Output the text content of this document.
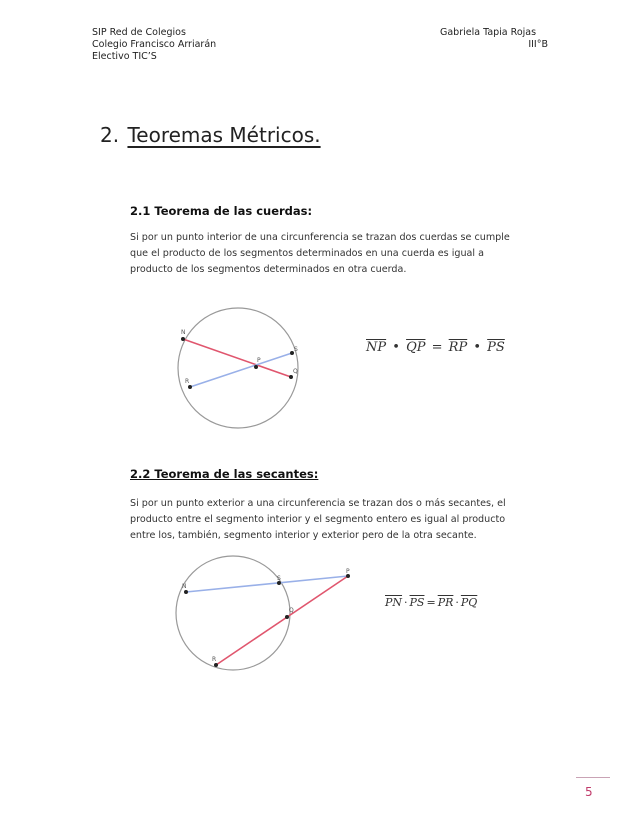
SIP Red de Colegios
Colegio Francisco Arriarán
Electivo TIC’S
Gabriela Tapia Rojas
III°B
2. Teoremas Métricos.
2.1 Teorema de las cuerdas:
Si por un punto interior de una circunferencia se trazan dos cuerdas se cumple
que el producto de los segmentos determinados en una cuerda es igual a
producto de los segmentos determinados en otra cuerda.
N
P
S
Q
R
$\overline{NP}$ • $\overline{QP} = \overline{RP}$ • $\overline{PS}$
2.2 Teorema de las secantes:
Si por un punto exterior a una circunferencia se trazan dos o más secantes, el
producto entre el segmento interior y el segmento entero es igual al producto
entre los, también, segmento interior y exterior pero de la otra secante.
N
S
P
Q
R
$\overline{PN} \cdot \overline{PS} = \overline{PR} \cdot \overline{PQ}$
5
